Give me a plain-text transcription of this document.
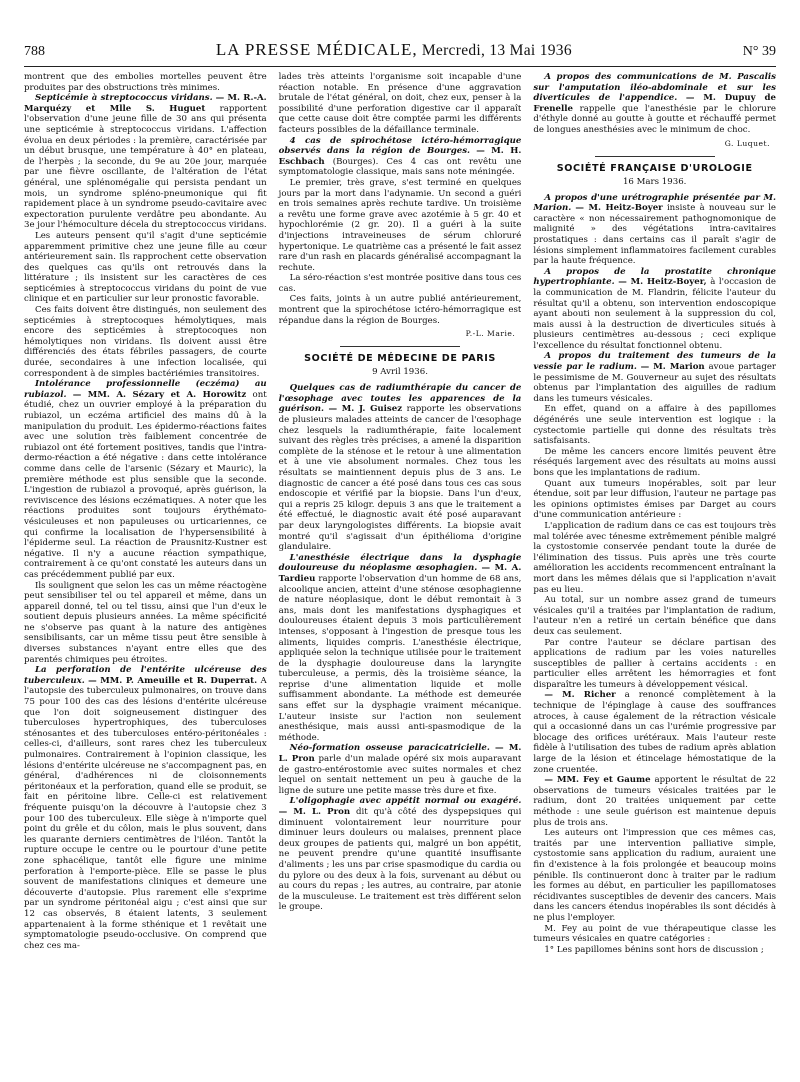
788	LA PRESSE MÉDICALE, Mercredi, 13 Mai 1936	N° 39

montrent que des embolies mortelles peuvent être produites par des obstructions très minimes.

Septicémie à streptococcus viridans. — M. R.-A. Marquézy et Mlle S. Huguet rapportent l'observation d'une jeune fille de 30 ans qui présenta une septicémie à streptococcus viridans. L'affection évolua en deux périodes : la première, caractérisée par un début brusque, une température à 40° en plateau, de l'herpès ; la seconde, du 9e au 20e jour, marquée par une fièvre oscillante, de l'altération de l'état général, une splénomégalie qui persista pendant un mois, un syndrome spléno-pneumonique qui fit rapidement place à un syndrome pseudo-cavitaire avec expectoration purulente verdâtre peu abondante. Au 3e jour l'hémoculture décela du streptococcus viridans.

Les auteurs pensent qu'il s'agit d'une septicémie apparemment primitive chez une jeune fille au cœur antérieurement sain. Ils rapprochent cette observation des quelques cas qu'ils ont retrouvés dans la littérature ; ils insistent sur les caractères de ces septicémies à streptococcus viridans du point de vue clinique et en particulier sur leur pronostic favorable.

Ces faits doivent être distingués, non seulement des septicémies à streptocoques hémolytiques, mais encore des septicémies à streptocoques non hémolytiques non viridans. Ils doivent aussi être différenciés des états fébriles passagers, de courte durée, secondaires à une infection localisée, qui correspondent à de simples bactériémies transitoires.

Intolérance professionnelle (eczéma) au rubiazol. — MM. A. Sézary et A. Horowitz ont étudié, chez un ouvrier employé à la préparation du rubiazol, un eczéma artificiel des mains dû à la manipulation du produit. Les épidermo-réactions faites avec une solution très faiblement concentrée de rubiazol ont été fortement positives, tandis que l'intra-dermo-réaction a été négative : dans cette intolérance comme dans celle de l'arsenic (Sézary et Mauric), la première méthode est plus sensible que la seconde. L'ingestion de rubiazol a provoqué, après guérison, la reviviscence des lésions eczématiques. A noter que les réactions produites sont toujours érythémato-vésiculeuses et non papuleuses ou urticariennes, ce qui confirme la localisation de l'hypersensibilité à l'épiderme seul. La réaction de Prausnitz-Kustner est négative. Il n'y a aucune réaction sympathique, contrairement à ce qu'ont constaté les auteurs dans un cas précédemment publié par eux.

Ils soulignent que selon les cas un même réactogène peut sensibiliser tel ou tel appareil et même, dans un appareil donné, tel ou tel tissu, ainsi que l'un d'eux le soutient depuis plusieurs années. La même spécificité ne s'observe pas quant à la nature des antigènes sensibilisants, car un même tissu peut être sensible à diverses substances n'ayant entre elles que des parentés chimiques peu étroites.

La perforation de l'entérite ulcéreuse des tuberculeux. — MM. P. Ameuille et R. Duperrat. A l'autopsie des tuberculeux pulmonaires, on trouve dans 75 pour 100 des cas des lésions d'entérite ulcéreuse que l'on doit soigneusement distinguer des tuberculoses hypertrophiques, des tuberculoses sténosantes et des tuberculoses entéro-péritonéales : celles-ci, d'ailleurs, sont rares chez les tuberculeux pulmonaires. Contrairement à l'opinion classique, les lésions d'entérite ulcéreuse ne s'accompagnent pas, en général, d'adhérences ni de cloisonnements péritonéaux et la perforation, quand elle se produit, se fait en péritoine libre. Celle-ci est relativement fréquente puisqu'on la découvre à l'autopsie chez 3 pour 100 des tuberculeux. Elle siège à n'importe quel point du grêle et du côlon, mais le plus souvent, dans les quarante derniers centimètres de l'iléon. Tantôt la rupture occupe le centre ou le pourtour d'une petite zone sphacélique, tantôt elle figure une minime perforation à l'emporte-pièce. Elle se passe le plus souvent de manifestations cliniques et demeure une découverte d'autopsie. Plus rarement elle s'exprime par un syndrome péritonéal aigu ; c'est ainsi que sur 12 cas observés, 8 étaient latents, 3 seulement appartenaient à la forme sthénique et 1 revêtait une symptomatologie pseudo-occlusive. On comprend que chez ces ma-

lades très atteints l'organisme soit incapable d'une réaction notable. En présence d'une aggravation brutale de l'état général, on doit, chez eux, penser à la possibilité d'une perforation digestive car il apparaît que cette cause doit être comptée parmi les différents facteurs possibles de la défaillance terminale.

4 cas de spirochétose ictéro-hémorragique observés dans la région de Bourges. — M. H. Eschbach (Bourges). Ces 4 cas ont revêtu une symptomatologie classique, mais sans note méningée.

Le premier, très grave, s'est terminé en quelques jours par la mort dans l'adynamie. Un second a guéri en trois semaines après rechute tardive. Un troisième a revêtu une forme grave avec azotémie à 5 gr. 40 et hypochlorémie (2 gr. 20). Il a guéri à la suite d'injections intraveineuses de sérum chloruré hypertonique. Le quatrième cas a présenté le fait assez rare d'un rash en placards généralisé accompagnant la rechute.

La séro-réaction s'est montrée positive dans tous ces cas.

Ces faits, joints à un autre publié antérieurement, montrent que la spirochétose ictéro-hémorragique est répandue dans la région de Bourges.

P.-L. Marie.
SOCIÉTÉ DE MÉDECINE DE PARIS
9 Avril 1936.

Quelques cas de radiumthérapie du cancer de l'œsophage avec toutes les apparences de la guérison. — M. J. Guisez rapporte les observations de plusieurs malades atteints de cancer de l'œsophage chez lesquels la radiumthérapie, faite localement suivant des règles très précises, a amené la disparition complète de la sténose et le retour à une alimentation et à une vie absolument normales. Chez tous les résultats se maintiennent depuis plus de 3 ans. Le diagnostic de cancer a été posé dans tous ces cas sous endoscopie et vérifié par la biopsie. Dans l'un d'eux, qui a repris 25 kilogr. depuis 3 ans que le traitement a été effectué, le diagnostic avait été posé auparavant par deux laryngologistes différents. La biopsie avait montré qu'il s'agissait d'un épithélioma d'origine glandulaire.

L'anesthésie électrique dans la dysphagie douloureuse du néoplasme œsophagien. — M. A. Tardieu rapporte l'observation d'un homme de 68 ans, alcoolique ancien, atteint d'une sténose œsophagienne de nature néoplasique, dont le début remontait à 3 ans, mais dont les manifestations dysphagiques et douloureuses étaient depuis 3 mois particulièrement intenses, s'opposant à l'ingestion de presque tous les aliments, liquides compris. L'anesthésie électrique, appliquée selon la technique utilisée pour le traitement de la dysphagie douloureuse dans la laryngite tuberculeuse, a permis, dès la troisième séance, la reprise d'une alimentation liquide et molle suffisamment abondante. La méthode est demeurée sans effet sur la dysphagie vraiment mécanique. L'auteur insiste sur l'action non seulement anesthésique, mais aussi anti-spasmodique de la méthode.

Néo-formation osseuse paracicatricielle. — M. L. Pron parle d'un malade opéré six mois auparavant de gastro-entérostomie avec suites normales et chez lequel on sentait nettement un peu à gauche de la ligne de suture une petite masse très dure et fixe.

L'oligophagie avec appétit normal ou exagéré. — M. L. Pron dit qu'à côté des dyspepsiques qui diminuent volontairement leur nourriture pour diminuer leurs douleurs ou malaises, prennent place deux groupes de patients qui, malgré un bon appétit, ne peuvent prendre qu'une quantité insuffisante d'aliments ; les uns par crise spasmodique du cardia ou du pylore ou des deux à la fois, survenant au début ou au cours du repas ; les autres, au contraire, par atonie de la musculeuse. Le traitement est très différent selon le groupe.

A propos des communications de M. Pascalis sur l'amputation iléo-abdominale et sur les diverticules de l'appendice. — M. Dupuy de Frenelle rappelle que l'anesthésie par le chlorure d'éthyle donné au goutte à goutte et réchauffé permet de longues anesthésies avec le minimum de choc.

G. Luquet.
SOCIÉTÉ FRANÇAISE D'UROLOGIE
16 Mars 1936.

A propos d'une urétrographie présentée par M. Marion. — M. Heitz-Boyer insiste à nouveau sur le caractère « non nécessairement pathognomonique de malignité » des végétations intra-cavitaires prostatiques : dans certains cas il paraît s'agir de lésions simplement inflammatoires facilement curables par la haute fréquence.

A propos de la prostatite chronique hypertrophiante. — M. Heitz-Boyer, à l'occasion de la communication de M. Flandrin, félicite l'auteur du résultat qu'il a obtenu, son intervention endoscopique ayant abouti non seulement à la suppression du col, mais aussi à la destruction de diverticules situés à plusieurs centimètres au-dessous ; ceci explique l'excellence du résultat fonctionnel obtenu.

A propos du traitement des tumeurs de la vessie par le radium. — M. Marion avoue partager le pessimisme de M. Gouverneur au sujet des résultats obtenus par l'implantation des aiguilles de radium dans les tumeurs vésicales.

En effet, quand on a affaire à des papillomes dégénérés une seule intervention est logique : la cystectomie partielle qui donne des résultats très satisfaisants.

De même les cancers encore limités peuvent être réséqués largement avec des résultats au moins aussi bons que les implantations de radium.

Quant aux tumeurs inopérables, soit par leur étendue, soit par leur diffusion, l'auteur ne partage pas les opinions optimistes émises par Darget au cours d'une communication antérieure :

L'application de radium dans ce cas est toujours très mal tolérée avec ténesme extrêmement pénible malgré la cystostomie conservée pendant toute la durée de l'élimination des tissus. Puis après une très courte amélioration les accidents recommencent entraînant la mort dans les mêmes délais que si l'application n'avait pas eu lieu.

Au total, sur un nombre assez grand de tumeurs vésicales qu'il a traitées par l'implantation de radium, l'auteur n'en a retiré un certain bénéfice que dans deux cas seulement.

Par contre l'auteur se déclare partisan des applications de radium par les voies naturelles susceptibles de pallier à certains accidents : en particulier elles arrêtent les hémorragies et font disparaître les tumeurs à développement vésical.

— M. Richer a renoncé complètement à la technique de l'épinglage à cause des souffrances atroces, à cause également de la rétraction vésicale qui a occasionné dans un cas l'urémie progressive par blocage des orifices urétéraux. Mais l'auteur reste fidèle à l'utilisation des tubes de radium après ablation large de la lésion et étincelage hémostatique de la zone cruentée.

— MM. Fey et Gaume apportent le résultat de 22 observations de tumeurs vésicales traitées par le radium, dont 20 traitées uniquement par cette méthode : une seule guérison est maintenue depuis plus de trois ans.

Les auteurs ont l'impression que ces mêmes cas, traités par une intervention palliative simple, cystostomie sans application du radium, auraient une fin d'existence à la fois prolongée et beaucoup moins pénible. Ils continueront donc à traiter par le radium les formes au début, en particulier les papillomatoses récidivantes susceptibles de devenir des cancers. Mais dans les cancers étendus inopérables ils sont décidés à ne plus l'employer.

M. Fey au point de vue thérapeutique classe les tumeurs vésicales en quatre catégories :

1° Les papillomes bénins sont hors de discussion ;
